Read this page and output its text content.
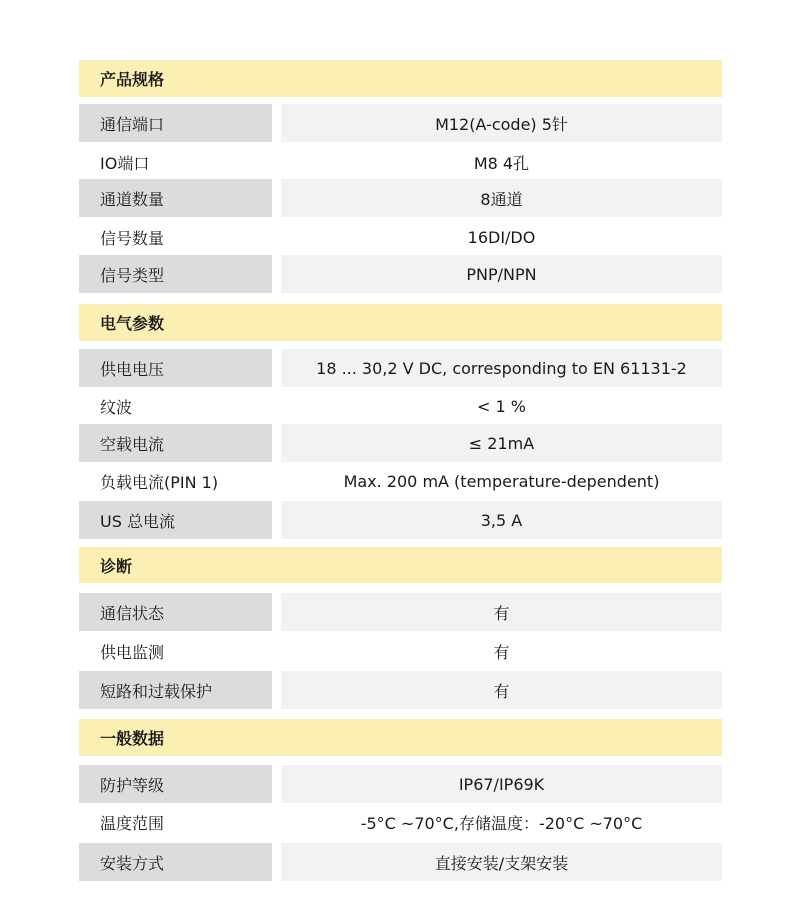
产品规格
通信端口	M12(A-code) 5针
IO端口	M8 4孔
通道数量	8通道
信号数量	16DI/DO
信号类型	PNP/NPN
电气参数
供电电压	18 ... 30,2 V DC, corresponding to EN 61131-2
纹波	< 1 %
空载电流	≤ 21mA
负载电流(PIN 1)	Max. 200 mA (temperature-dependent)
US 总电流	3,5 A
诊断
通信状态	有
供电监测	有
短路和过载保护	有
一般数据
防护等级	IP67/IP69K
温度范围	-5°C ~70°C,存储温度：-20°C ~70°C
安装方式	直接安装/支架安装
